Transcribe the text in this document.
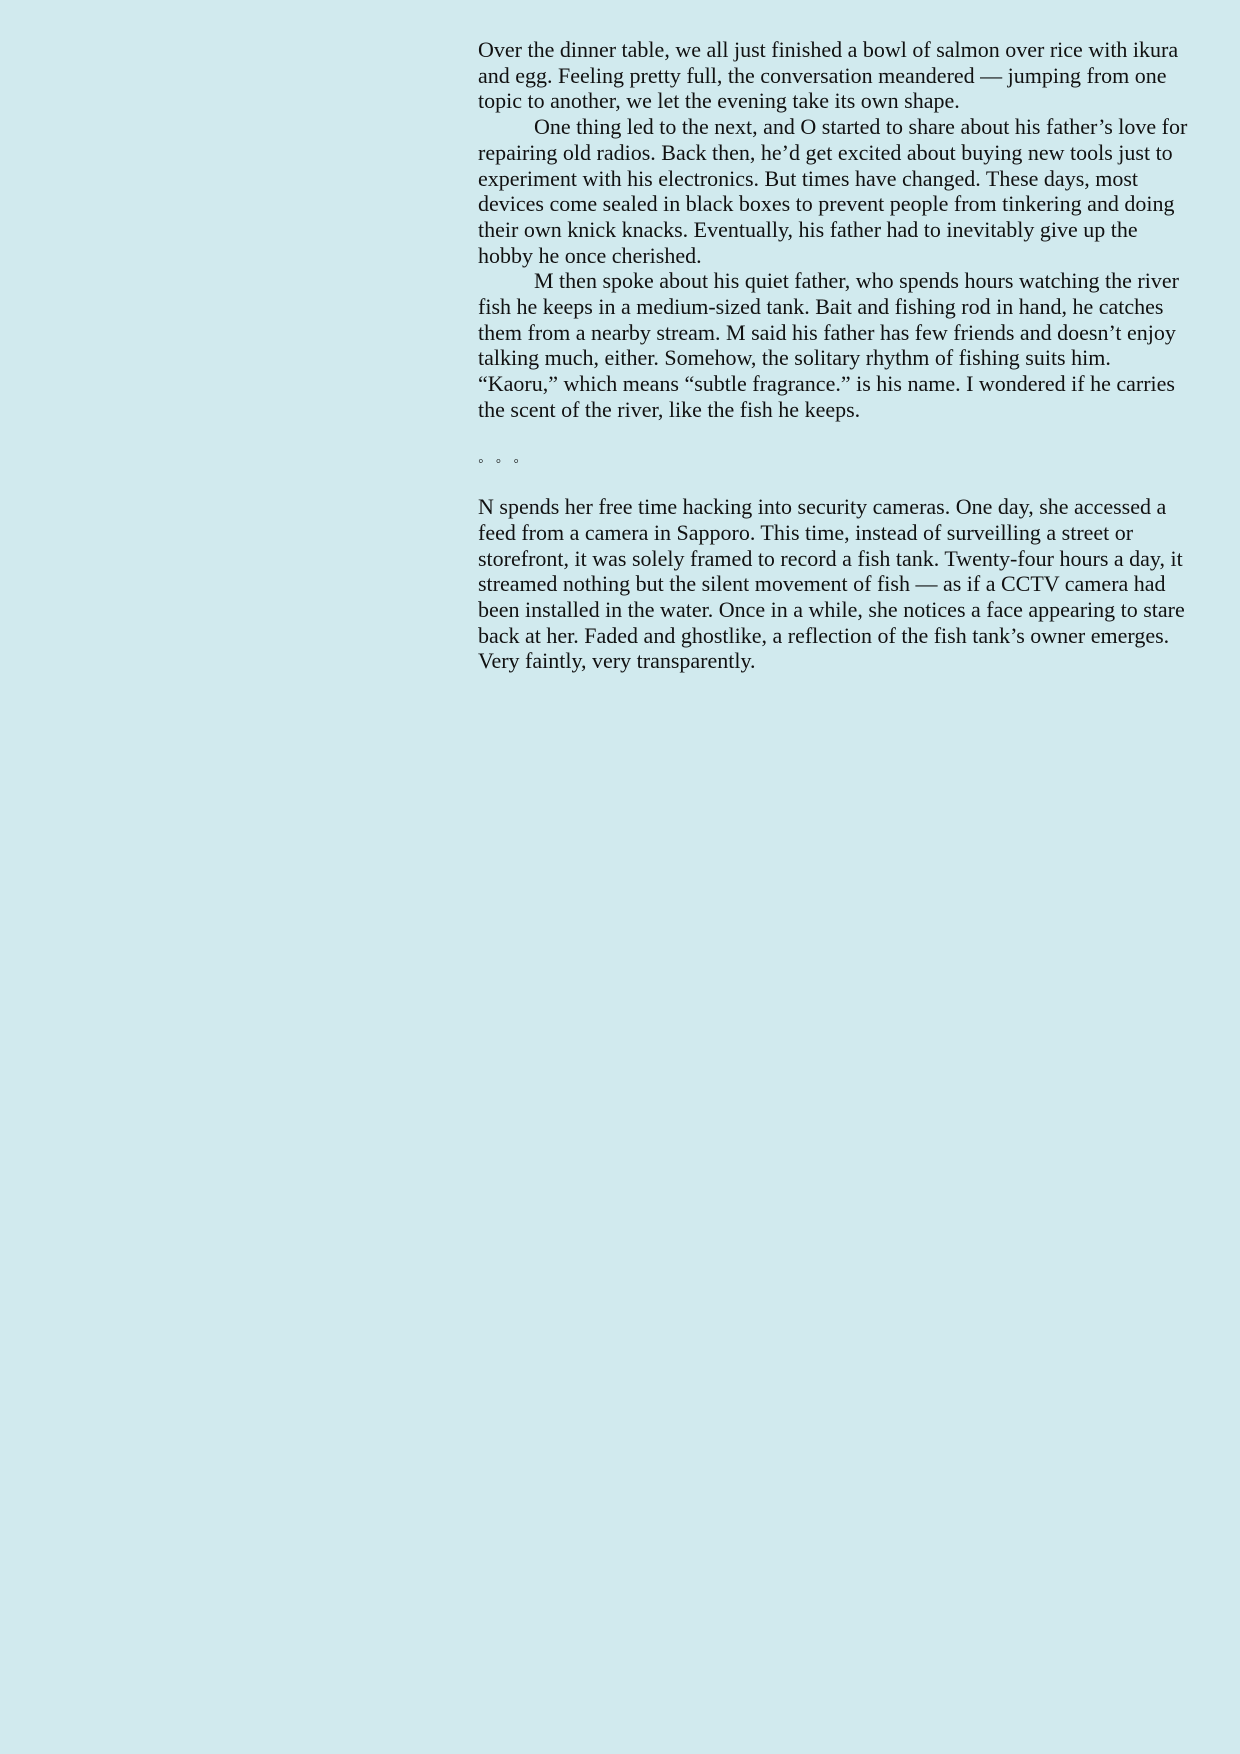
Over the dinner table, we all just finished a bowl of salmon over rice with ikura and egg. Feeling pretty full, the conversation meandered — jumping from one topic to another, we let the evening take its own shape.

One thing led to the next, and O started to share about his father’s love for repairing old radios. Back then, he’d get excited about buying new tools just to experiment with his electronics. But times have changed. These days, most devices come sealed in black boxes to prevent people from tinkering and doing their own knick knacks. Eventually, his father had to inevitably give up the hobby he once cherished.

M then spoke about his quiet father, who spends hours watching the river fish he keeps in a medium-sized tank. Bait and fishing rod in hand, he catches them from a nearby stream. M said his father has few friends and doesn’t enjoy talking much, either. Somehow, the solitary rhythm of fishing suits him.

“Kaoru,” which means “subtle fragrance.” is his name. I wondered if he carries the scent of the river, like the fish he keeps.

◦ ◦ ◦

N spends her free time hacking into security cameras. One day, she accessed a feed from a camera in Sapporo. This time, instead of surveilling a street or storefront, it was solely framed to record a fish tank. Twenty-four hours a day, it streamed nothing but the silent movement of fish — as if a CCTV camera had been installed in the water. Once in a while, she notices a face appearing to stare back at her. Faded and ghostlike, a reflection of the fish tank’s owner emerges. Very faintly, very transparently.
